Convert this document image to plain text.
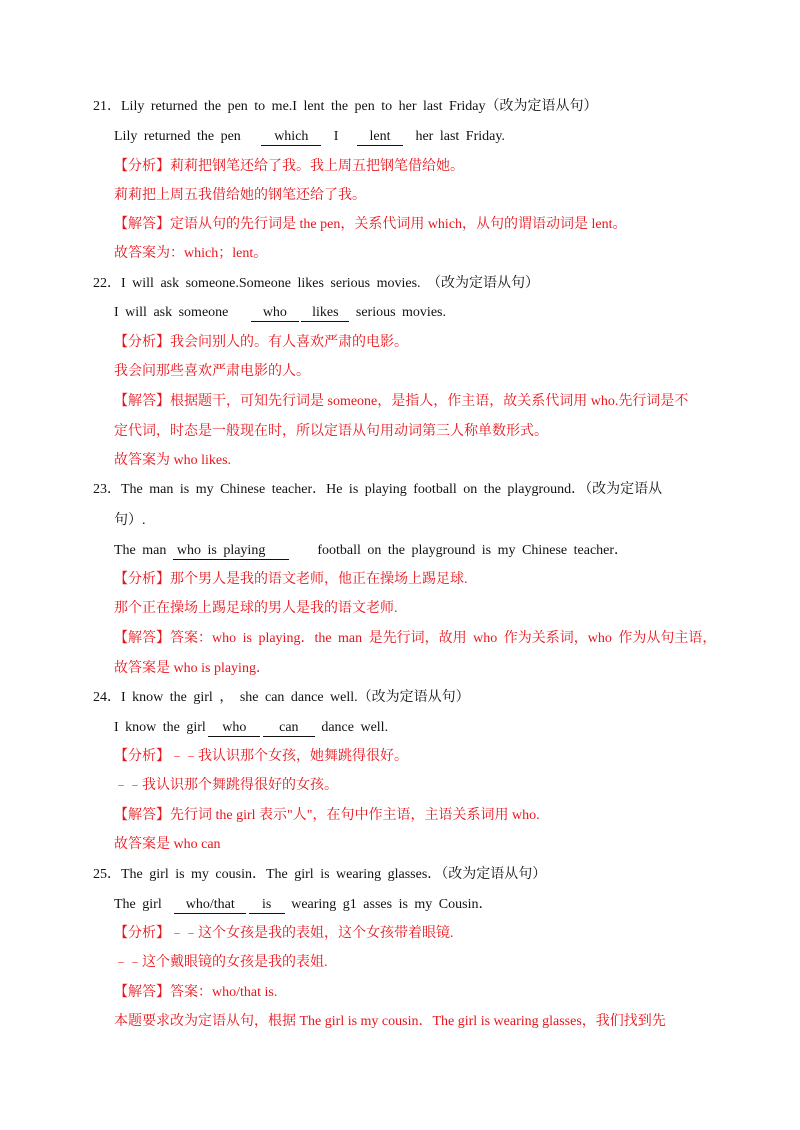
21．Lily returned the pen to me.I lent the pen to her last Friday（改为定语从句）
Lily returned the pen which I lent her last Friday.
【分析】莉莉把钢笔还给了我。我上周五把钢笔借给她。
莉莉把上周五我借给她的钢笔还给了我。
【解答】定语从句的先行词是 the pen，关系代词用 which，从句的谓语动词是 lent。
故答案为：which；lent。
22．I will ask someone.Someone likes serious movies. （改为定语从句）
I will ask someone who likes serious movies.
【分析】我会问别人的。有人喜欢严肃的电影。
我会问那些喜欢严肃电影的人。
【解答】根据题干，可知先行词是 someone，是指人，作主语，故关系代词用 who.先行词是不
定代词，时态是一般现在时，所以定语从句用动词第三人称单数形式。
故答案为 who likes.
23．The man is my Chinese teacher．He is playing football on the playground．（改为定语从
句）.
The man who is playing	football on the playground is my Chinese teacher．
【分析】那个男人是我的语文老师，他正在操场上踢足球.
那个正在操场上踢足球的男人是我的语文老师.
【解答】答案：who is playing．the man 是先行词，故用 who 作为关系词，who 作为从句主语，
故答案是 who is playing．
24．I know the girl ， she can dance well.（改为定语从句）
I know the girl who can dance well.
【分析】﹣﹣我认识那个女孩，她舞跳得很好。
﹣﹣我认识那个舞跳得很好的女孩。
【解答】先行词 the girl 表示"人"，在句中作主语，主语关系词用 who.
故答案是 who can
25．The girl is my cousin．The girl is wearing glasses．（改为定语从句）
The girl who/that is wearing g1 asses is my Cousin．
【分析】﹣﹣这个女孩是我的表姐，这个女孩带着眼镜.
﹣﹣这个戴眼镜的女孩是我的表姐.
【解答】答案：who/that is.
本题要求改为定语从句，根据 The girl is my cousin．The girl is wearing glasses，我们找到先
